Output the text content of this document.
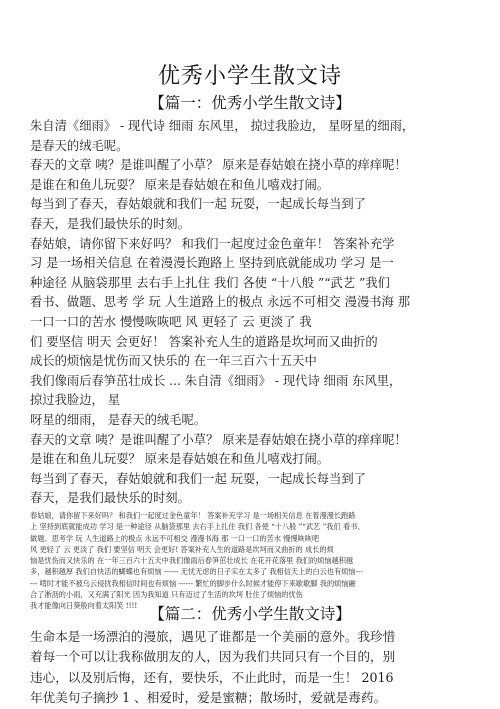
优秀小学生散文诗
【篇一：优秀小学生散文诗】
朱自清《细雨》 - 现代诗 细雨 东风里， 掠过我脸边， 星呀星的细雨，
是春天的绒毛呢。
春天的文章 咦？是谁叫醒了小草？ 原来是春姑娘在挠小草的痒痒呢！
是谁在和鱼儿玩耍？ 原来是春姑娘在和鱼儿嘻戏打闹。
每当到了春天，春姑娘就和我们一起 玩耍，一起成长每当到了
春天，是我们最快乐的时刻。
春姑娘，请你留下来好吗？ 和我们一起度过金色童年！ 答案补充学
习 是一场相关信息 在着漫漫长跑路上 坚持到底就能成功 学习 是一
种途径 从脑袋那里 去右手上扎住 我们 各使 “十八般 ”“武艺 ”我们
看书、做题、思考 学 玩 人生道路上的极点 永远不可相交 漫漫书海 那
一口一口的苦水 慢慢咴咴吧 风 更轻了 云 更淡了 我
们 要坚信 明天 会更好！ 答案补充人生的道路是坎坷而又曲折的
成长的烦恼是忧伤而又快乐的 在一年三百六十五天中
我们像雨后春笋茁壮成长 ... 朱自清《细雨》 - 现代诗 细雨 东风里，
掠过我脸边， 星
呀星的细雨， 是春天的绒毛呢。
春天的文章 咦？是谁叫醒了小草？ 原来是春姑娘在挠小草的痒痒呢！
是谁在和鱼儿玩耍？ 原来是春姑娘在和鱼儿嘻戏打闹。
每当到了春天，春姑娘就和我们一起 玩耍，一起成长每当到了
春天，是我们最快乐的时刻。
春姑娘，请你留下来好吗？ 和我们一起度过金色童年！ 答案补充学习 是一场相关信息 在着漫漫长跑路
上 坚持到底就能成功 学习 是一种途径 从脑袋那里 去右手上扎住 我们 各使 “十八般 ”“武艺 ”我们 看书、
做题、思考学 玩 人生道路上的极点 永远不可相交 漫漫书海 那 一口一口的苦水 慢慢咴咴吧
风 更轻了 云 更淡了 我们 要坚信 明天 会更好! 答案补充人生的道路是坎坷而又曲折的 成长的烦
恼是忧伤而又快乐的 在一年三百六十五天中我们像雨后春笋茁壮成长 在花开花落里 我们的烦恼越积越
多，越积越厚 我们自快活的蝴蝶也有烦恼 ------ 无忧无虑的日子实在太多了 我相信天上的白云也有烦恼---
--- 啃时才能不被乌云侵扰我相信时间也有烦恼 ------ 繁忙的脚步什么时候才能停下来歇歇脚 我的烦恼融
合了淅沥的小雨，又充满了阳光 因为我知道 只有迈过了生活的坎坷 肚住了烦恼的忧伤
我才能像向日葵般向着太阳笑 !!!! 【篇二：优秀小学生散文诗】
生命本是一场漂泊的漫旅，遇见了谁都是一个美丽的意外。我珍惜
着每一个可以让我称做朋友的人，因为我们共同只有一个目的，别
违心，以及别后悔，还有，要快乐，不止此时，而是一生！ 2016
年优美句子摘抄 1 、相爱时，爱是蜜糖；散场时，爱就是毒药。
